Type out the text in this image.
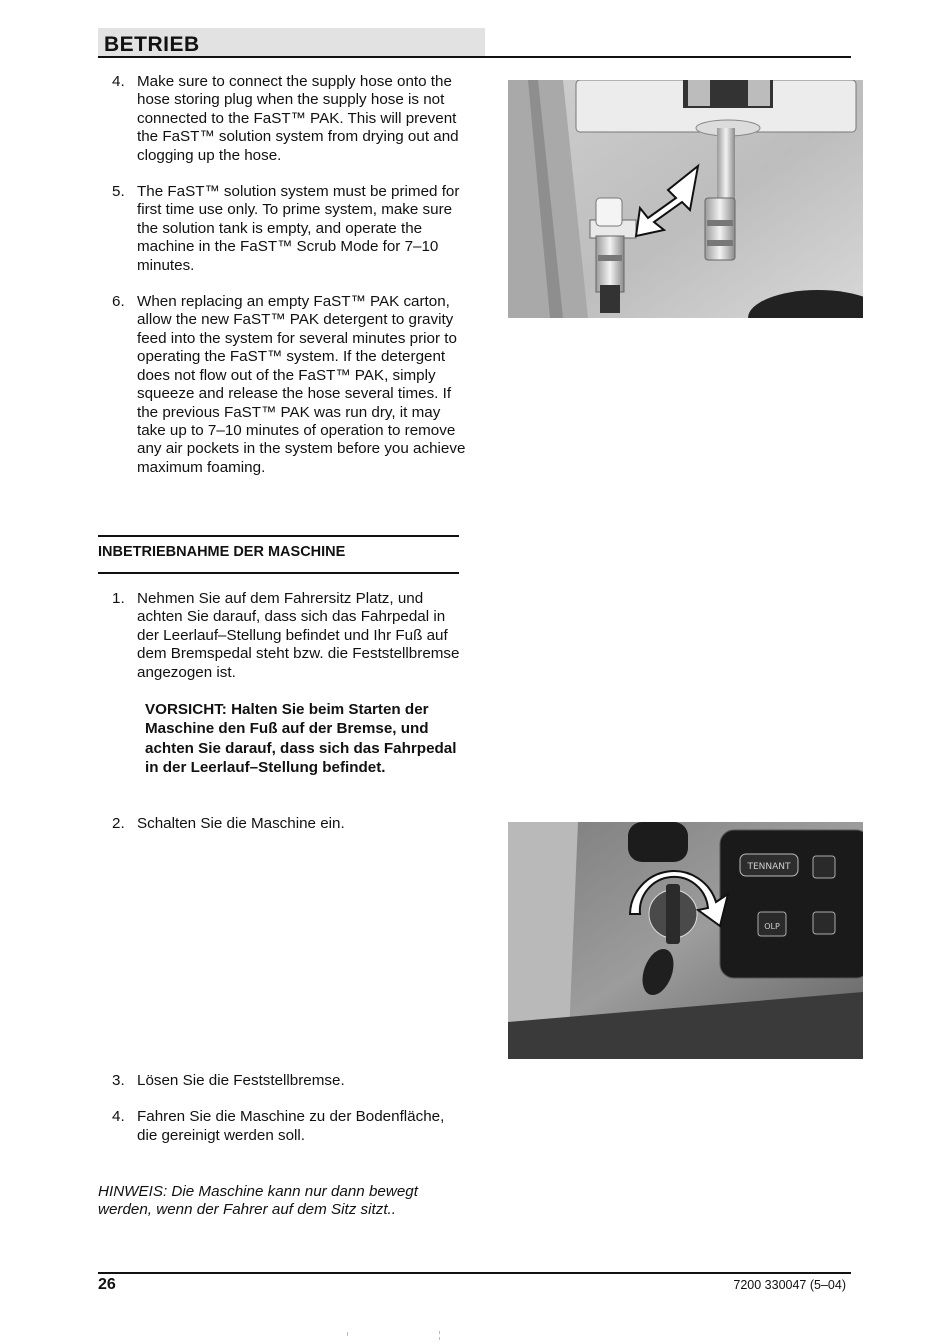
BETRIEB
4. Make sure to connect the supply hose onto the hose storing plug when the supply hose is not connected to the FaST™ PAK. This will prevent the FaST™ solution system from drying out and clogging up the hose.
5. The FaST™ solution system must be primed for first time use only. To prime system, make sure the solution tank is empty, and operate the machine in the FaST™ Scrub Mode for 7–10 minutes.
6. When replacing an empty FaST™ PAK carton, allow the new FaST™ PAK detergent to gravity feed into the system for several minutes prior to operating the FaST™ system. If the detergent does not flow out of the FaST™ PAK, simply squeeze and release the hose several times. If the previous FaST™ PAK was run dry, it may take up to 7–10 minutes of operation to remove any air pockets in the system before you achieve maximum foaming.
INBETRIEBNAHME DER MASCHINE
1. Nehmen Sie auf dem Fahrersitz Platz, und achten Sie darauf, dass sich das Fahrpedal in der Leerlauf–Stellung befindet und Ihr Fuß auf dem Bremspedal steht bzw. die Feststellbremse angezogen ist.
VORSICHT: Halten Sie beim Starten der Maschine den Fuß auf der Bremse, und achten Sie darauf, dass sich das Fahrpedal in der Leerlauf–Stellung befindet.
2. Schalten Sie die Maschine ein.
3. Lösen Sie die Feststellbremse.
4. Fahren Sie die Maschine zu der Bodenfläche, die gereinigt werden soll.
HINWEIS: Die Maschine kann nur dann bewegt werden, wenn der Fahrer auf dem Sitz sitzt..
TENNANT
OLP
26	7200 330047 (5–04)
